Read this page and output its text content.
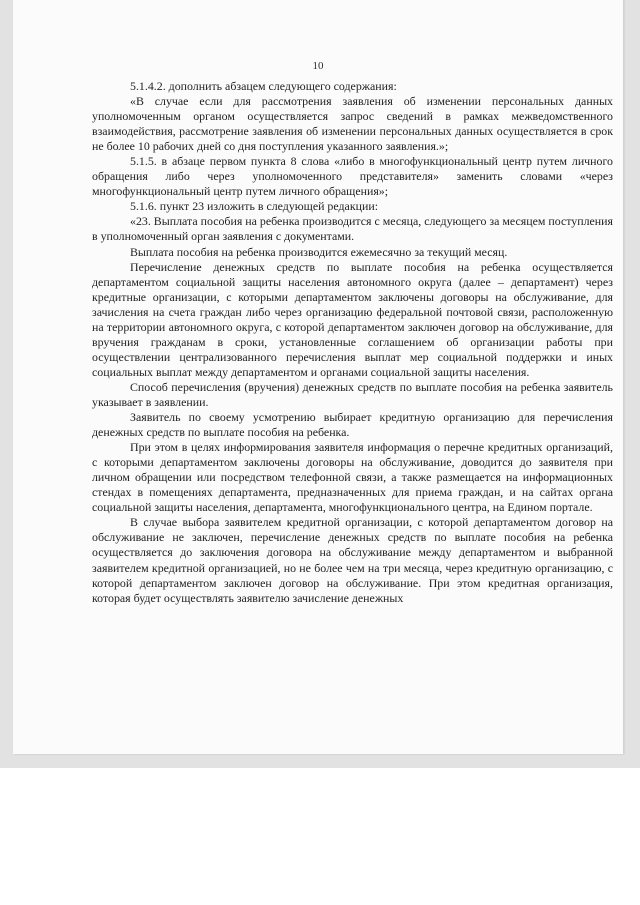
10

5.1.4.2. дополнить абзацем следующего содержания:

«В случае если для рассмотрения заявления об изменении персональных данных уполномоченным органом осуществляется запрос сведений в рамках межведомственного взаимодействия, рассмотрение заявления об изменении персональных данных осуществляется в срок не более 10 рабочих дней со дня поступления указанного заявления.»;

5.1.5. в абзаце первом пункта 8 слова «либо в многофункциональный центр путем личного обращения либо через уполномоченного представителя» заменить словами «через многофункциональный центр путем личного обращения»;

5.1.6. пункт 23 изложить в следующей редакции:

«23. Выплата пособия на ребенка производится с месяца, следующего за месяцем поступления в уполномоченный орган заявления с документами.

Выплата пособия на ребенка производится ежемесячно за текущий месяц.

Перечисление денежных средств по выплате пособия на ребенка осуществляется департаментом социальной защиты населения автономного округа (далее – департамент) через кредитные организации, с которыми департаментом заключены договоры на обслуживание, для зачисления на счета граждан либо через организацию федеральной почтовой связи, расположенную на территории автономного округа, с которой департаментом заключен договор на обслуживание, для вручения гражданам в сроки, установленные соглашением об организации работы при осуществлении централизованного перечисления выплат мер социальной поддержки и иных социальных выплат между департаментом и органами социальной защиты населения.

Способ перечисления (вручения) денежных средств по выплате пособия на ребенка заявитель указывает в заявлении.

Заявитель по своему усмотрению выбирает кредитную организацию для перечисления денежных средств по выплате пособия на ребенка.

При этом в целях информирования заявителя информация о перечне кредитных организаций, с которыми департаментом заключены договоры на обслуживание, доводится до заявителя при личном обращении или посредством телефонной связи, а также размещается на информационных стендах в помещениях департамента, предназначенных для приема граждан, и на сайтах органа социальной защиты населения, департамента, многофункционального центра, на Едином портале.

В случае выбора заявителем кредитной организации, с которой департаментом договор на обслуживание не заключен, перечисление денежных средств по выплате пособия на ребенка осуществляется до заключения договора на обслуживание между департаментом и выбранной заявителем кредитной организацией, но не более чем на три месяца, через кредитную организацию, с которой департаментом заключен договор на обслуживание. При этом кредитная организация, которая будет осуществлять заявителю зачисление денежных
